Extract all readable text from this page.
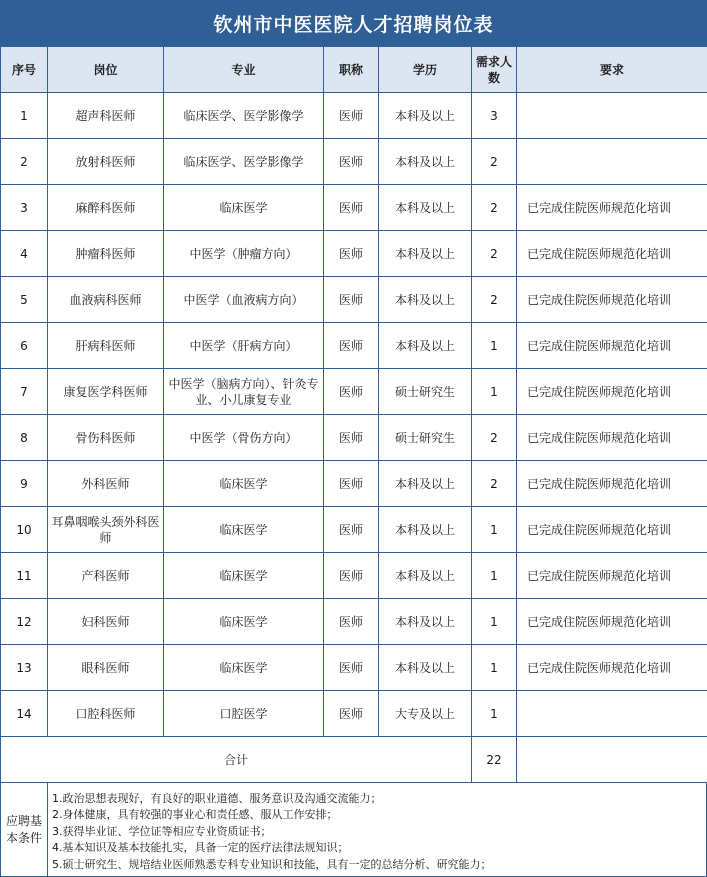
钦州市中医医院人才招聘岗位表
序号	岗位	专业	职称	学历	需求人数	要求
1	超声科医师	临床医学、医学影像学	医师	本科及以上	3	
2	放射科医师	临床医学、医学影像学	医师	本科及以上	2	
3	麻醉科医师	临床医学	医师	本科及以上	2	已完成住院医师规范化培训
4	肿瘤科医师	中医学（肿瘤方向）	医师	本科及以上	2	已完成住院医师规范化培训
5	血液病科医师	中医学（血液病方向）	医师	本科及以上	2	已完成住院医师规范化培训
6	肝病科医师	中医学（肝病方向）	医师	本科及以上	1	已完成住院医师规范化培训
7	康复医学科医师	中医学（脑病方向）、针灸专业、小儿康复专业	医师	硕士研究生	1	已完成住院医师规范化培训
8	骨伤科医师	中医学（骨伤方向）	医师	硕士研究生	2	已完成住院医师规范化培训
9	外科医师	临床医学	医师	本科及以上	2	已完成住院医师规范化培训
10	耳鼻咽喉头颈外科医师	临床医学	医师	本科及以上	1	已完成住院医师规范化培训
11	产科医师	临床医学	医师	本科及以上	1	已完成住院医师规范化培训
12	妇科医师	临床医学	医师	本科及以上	1	已完成住院医师规范化培训
13	眼科医师	临床医学	医师	本科及以上	1	已完成住院医师规范化培训
14	口腔科医师	口腔医学	医师	大专及以上	1	
合计					22	
应聘基本条件
1.政治思想表现好，有良好的职业道德、服务意识及沟通交流能力；
2.身体健康，具有较强的事业心和责任感、服从工作安排；
3.获得毕业证、学位证等相应专业资质证书；
4.基本知识及基本技能扎实，具备一定的医疗法律法规知识；
5.硕士研究生、规培结业医师熟悉专科专业知识和技能，具有一定的总结分析、研究能力；
